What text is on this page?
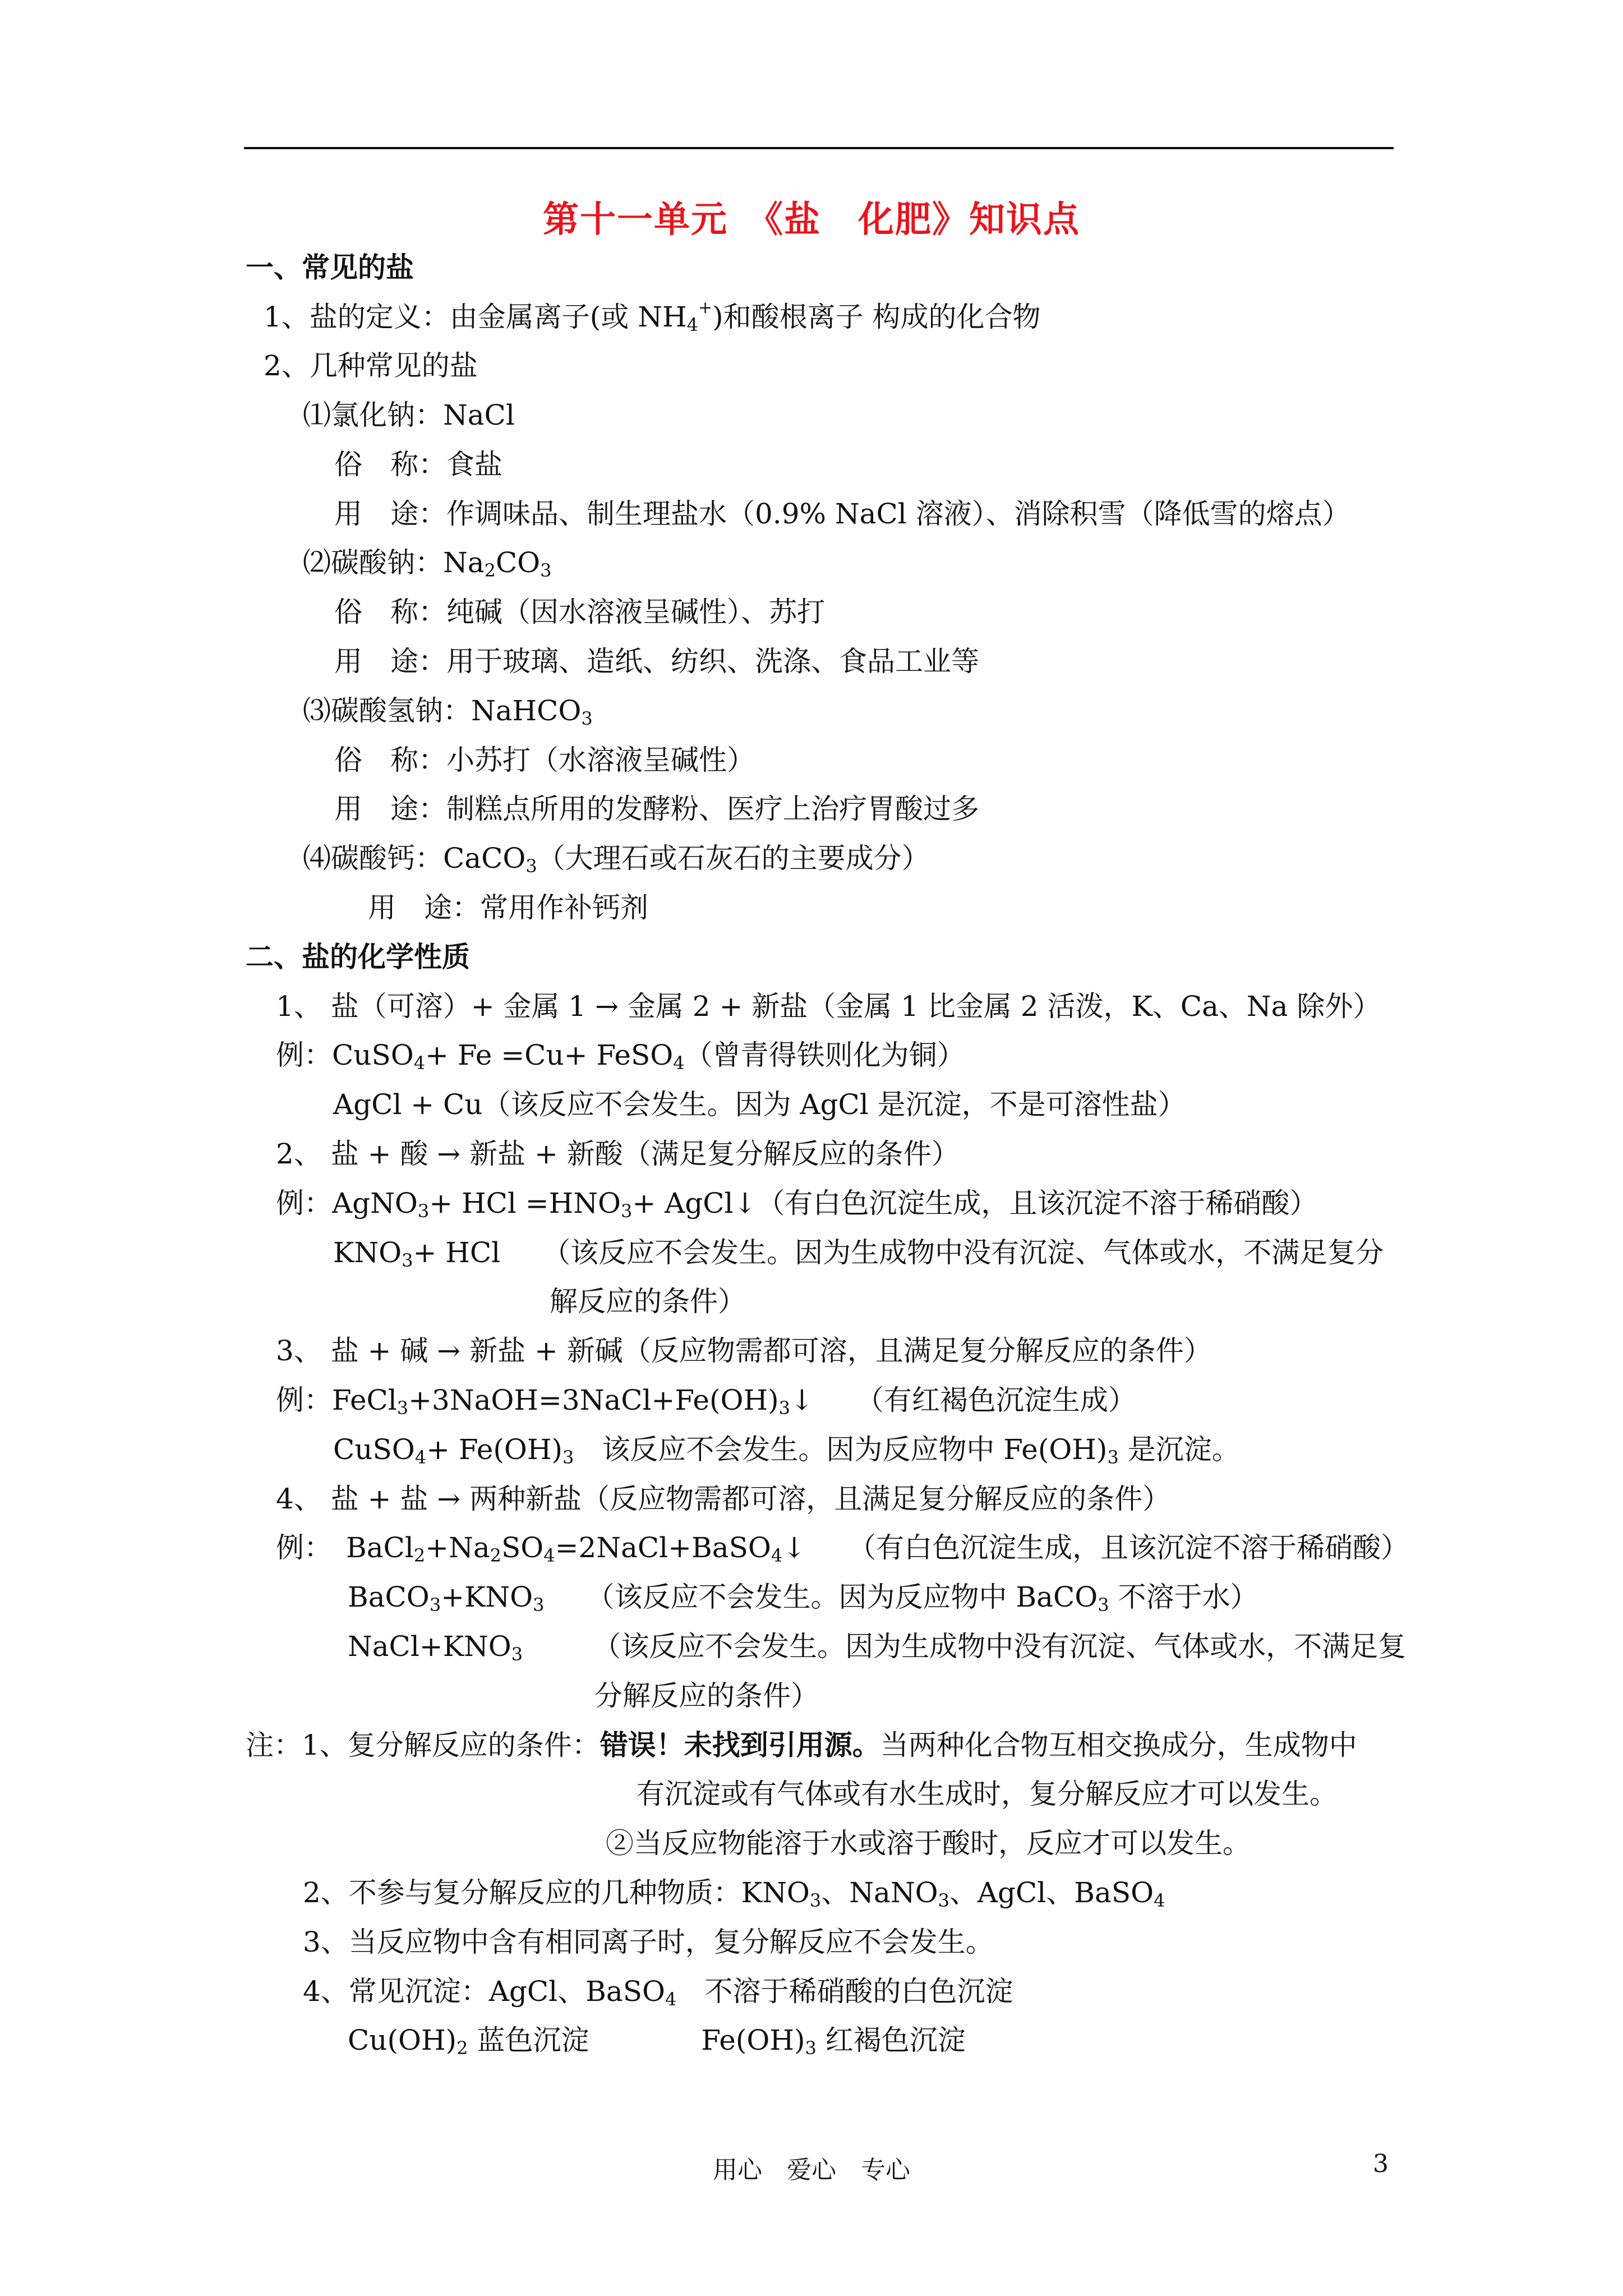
第十一单元　《盐　化肥》知识点
一、常见的盐
1、盐的定义：由金属离子(或 $NH_4^+$)和酸根离子 构成的化合物
2、几种常见的盐
⑴氯化钠：NaCl
俗　称：食盐
用　途：作调味品、制生理盐水（0.9% NaCl 溶液）、消除积雪（降低雪的熔点）
⑵碳酸钠：$Na_2CO_3$
俗　称：纯碱（因水溶液呈碱性）、苏打
用　途：用于玻璃、造纸、纺织、洗涤、食品工业等
⑶碳酸氢钠：NaHCO$_3$
俗　称：小苏打（水溶液呈碱性）
用　途：制糕点所用的发酵粉、医疗上治疗胃酸过多
⑷碳酸钙：CaCO$_3$（大理石或石灰石的主要成分）
用　途：常用作补钙剂
二、盐的化学性质
1、 盐（可溶）+ 金属 1 → 金属 2 + 新盐（金属 1 比金属 2 活泼，K、Ca、Na 除外）
例：CuSO$_4$+ Fe =Cu+ FeSO$_4$（曾青得铁则化为铜）
AgCl + Cu（该反应不会发生。因为 AgCl 是沉淀，不是可溶性盐）
2、 盐 + 酸 → 新盐 + 新酸（满足复分解反应的条件）
例：AgNO$_3$+ HCl $=HNO_3+$ AgCl↓（有白色沉淀生成，且该沉淀不溶于稀硝酸）
$KNO_3+$ HCl　　（该反应不会发生。因为生成物中没有沉淀、气体或水，不满足复分
解反应的条件）
3、 盐 + 碱 → 新盐 + 新碱（反应物需都可溶，且满足复分解反应的条件）
例：$FeCl_3+3NaOH=3NaCl+Fe(OH)_3↓$　　（有红褐色沉淀生成）
CuSO$_4$+ $Fe(OH)_3$　该反应不会发生。因为反应物中 $Fe(OH)_3$ 是沉淀。
4、 盐 + 盐 → 两种新盐（反应物需都可溶，且满足复分解反应的条件）
例：　$BaCl_2+Na_2SO_4=2NaCl+BaSO_4↓$　　（有白色沉淀生成，且该沉淀不溶于稀硝酸）
$BaCO_3+KNO_3$　　（该反应不会发生。因为反应物中 BaCO$_3$ 不溶于水）
$NaCl+KNO_3$　　　（该反应不会发生。因为生成物中没有沉淀、气体或水，不满足复
分解反应的条件）
注：1、复分解反应的条件：错误！未找到引用源。当两种化合物互相交换成分，生成物中
有沉淀或有气体或有水生成时，复分解反应才可以发生。
②当反应物能溶于水或溶于酸时，反应才可以发生。
2、不参与复分解反应的几种物质：$KNO_3$、NaNO$_3$、AgCl、BaSO$_4$
3、当反应物中含有相同离子时，复分解反应不会发生。
4、常见沉淀：AgCl、BaSO$_4$　不溶于稀硝酸的白色沉淀
$Cu(OH)_2$ 蓝色沉淀　　　　$Fe(OH)_3$ 红褐色沉淀
用心　爱心　专心	3
